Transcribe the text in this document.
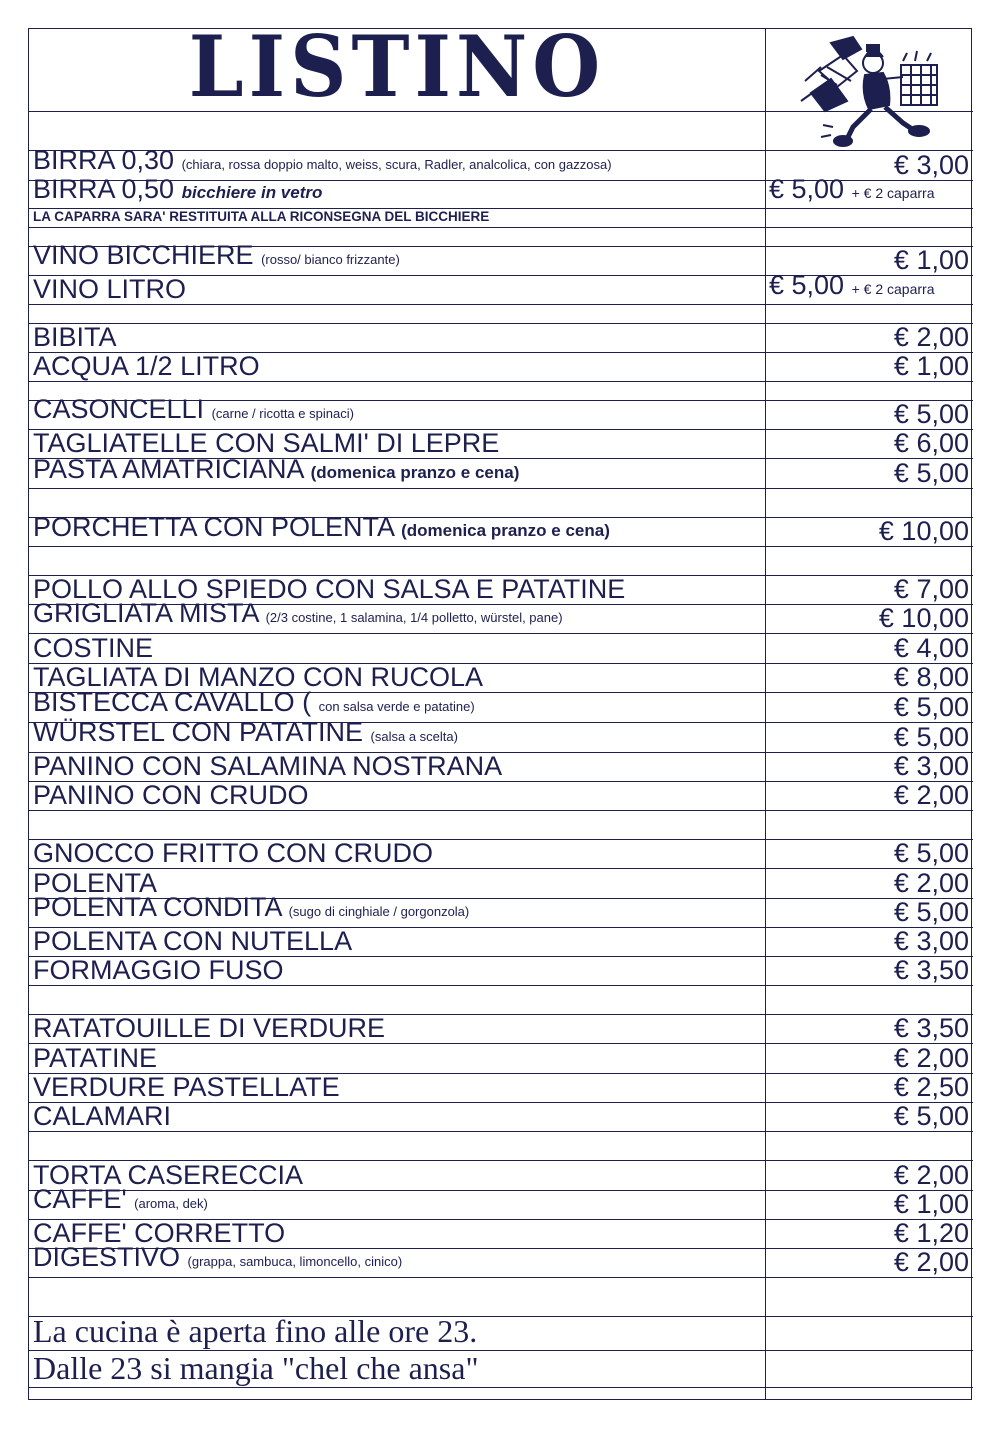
LISTINO
BIRRA 0,30 (chiara, rossa doppio malto, weiss, scura, Radler, analcolica, con gazzosa)	€ 3,00
BIRRA 0,50 bicchiere in vetro	€ 5,00 + € 2 caparra
LA CAPARRA SARA' RESTITUITA ALLA RICONSEGNA DEL BICCHIERE
VINO BICCHIERE (rosso/ bianco frizzante)	€ 1,00
VINO LITRO	€ 5,00 + € 2 caparra
BIBITA	€ 2,00
ACQUA 1/2 LITRO	€ 1,00
CASONCELLI (carne / ricotta e spinaci)	€ 5,00
TAGLIATELLE CON SALMI' DI LEPRE	€ 6,00
PASTA AMATRICIANA (domenica pranzo e cena)	€ 5,00
PORCHETTA CON POLENTA (domenica pranzo e cena)	€ 10,00
POLLO ALLO SPIEDO CON SALSA E PATATINE	€ 7,00
GRIGLIATA MISTA (2/3 costine, 1 salamina, 1/4 polletto, würstel, pane)	€ 10,00
COSTINE	€ 4,00
TAGLIATA DI MANZO CON RUCOLA	€ 8,00
BISTECCA CAVALLO ( con salsa verde e patatine)	€ 5,00
WÜRSTEL CON PATATINE (salsa a scelta)	€ 5,00
PANINO CON SALAMINA NOSTRANA	€ 3,00
PANINO CON CRUDO	€ 2,00
GNOCCO FRITTO CON CRUDO	€ 5,00
POLENTA	€ 2,00
POLENTA CONDITA (sugo di cinghiale / gorgonzola)	€ 5,00
POLENTA CON NUTELLA	€ 3,00
FORMAGGIO FUSO	€ 3,50
RATATOUILLE DI VERDURE	€ 3,50
PATATINE	€ 2,00
VERDURE PASTELLATE	€ 2,50
CALAMARI	€ 5,00
TORTA CASERECCIA	€ 2,00
CAFFE' (aroma, dek)	€ 1,00
CAFFE' CORRETTO	€ 1,20
DIGESTIVO (grappa, sambuca, limoncello, cinico)	€ 2,00
La cucina è aperta fino alle ore 23.
Dalle 23 si mangia "chel che ansa"
